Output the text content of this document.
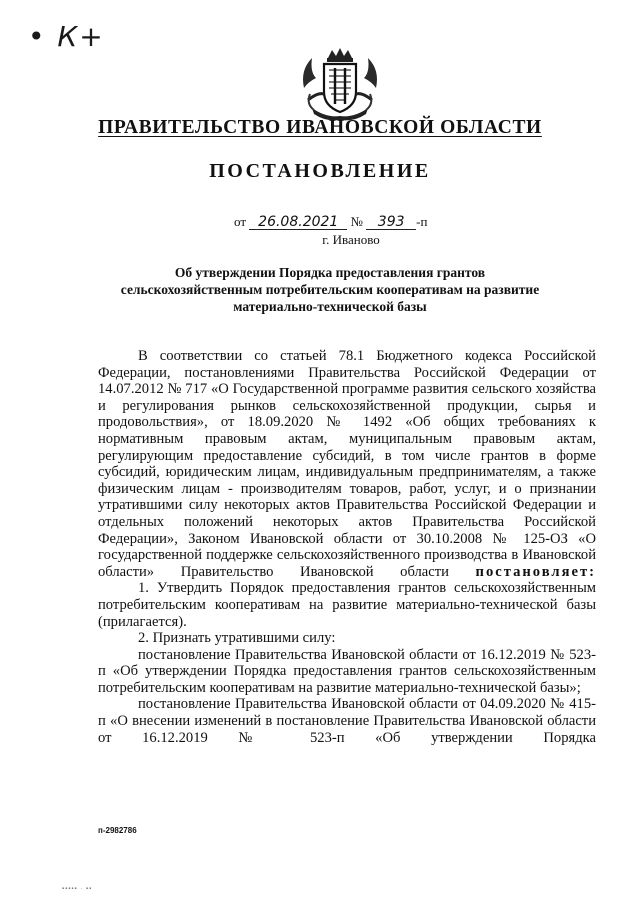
• К+
ПРАВИТЕЛЬСТВО ИВАНОВСКОЙ ОБЛАСТИ
ПОСТАНОВЛЕНИЕ
от 26.08.2021 № 393 -п
г. Иваново
Об утверждении Порядка предоставления грантов сельскохозяйственным потребительским кооперативам на развитие материально-технической базы

В соответствии со статьей 78.1 Бюджетного кодекса Российской Федерации, постановлениями Правительства Российской Федерации от 14.07.2012 № 717 «О Государственной программе развития сельского хозяйства и регулирования рынков сельскохозяйственной продукции, сырья и продовольствия», от 18.09.2020 № 1492 «Об общих требованиях к нормативным правовым актам, муниципальным правовым актам, регулирующим предоставление субсидий, в том числе грантов в форме субсидий, юридическим лицам, индивидуальным предпринимателям, а также физическим лицам - производителям товаров, работ, услуг, и о признании утратившими силу некоторых актов Правительства Российской Федерации и отдельных положений некоторых актов Правительства Российской Федерации», Законом Ивановской области от 30.10.2008 № 125-ОЗ «О государственной поддержке сельскохозяйственного производства в Ивановской области» Правительство Ивановской области постановляет:

1. Утвердить Порядок предоставления грантов сельскохозяйственным потребительским кооперативам на развитие материально-технической базы (прилагается).

2. Признать утратившими силу:

постановление Правительства Ивановской области от 16.12.2019 № 523-п «Об утверждении Порядка предоставления грантов сельскохозяйственным потребительским кооперативам на развитие материально-технической базы»;

постановление Правительства Ивановской области от 04.09.2020 № 415-п «О внесении изменений в постановление Правительства Ивановской области от 16.12.2019 № 523-п «Об утверждении Порядка

п-2982786
▪▪▪▪▪ · ▪▪
